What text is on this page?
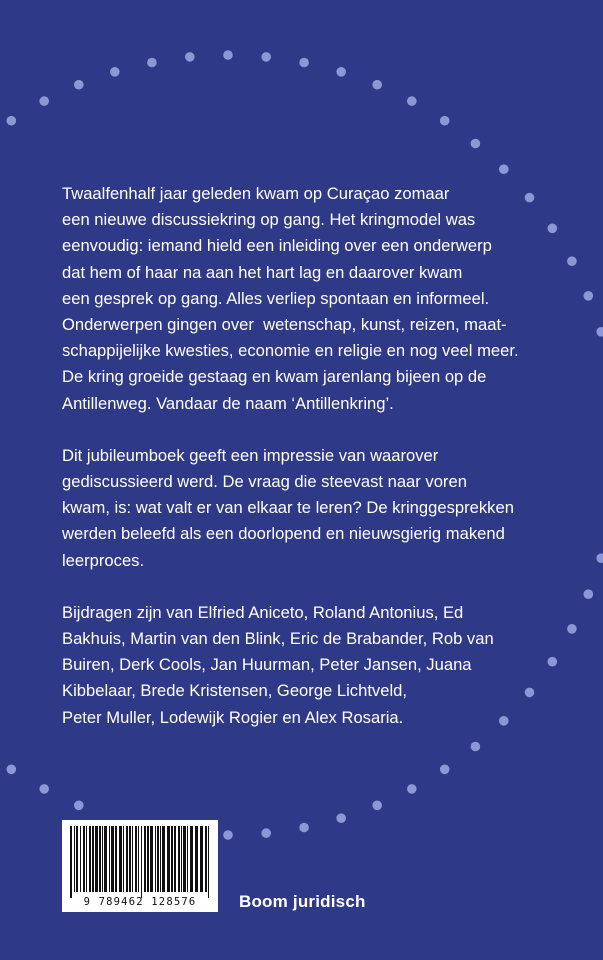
Twaalfenhalf jaar geleden kwam op Curaçao zomaar
een nieuwe discussiekring op gang. Het kringmodel was
eenvoudig: iemand hield een inleiding over een onderwerp
dat hem of haar na aan het hart lag en daarover kwam
een gesprek op gang. Alles verliep spontaan en informeel.
Onderwerpen gingen over  wetenschap, kunst, reizen, maat-
schappijelijke kwesties, economie en religie en nog veel meer.
De kring groeide gestaag en kwam jarenlang bijeen op de
Antillenweg. Vandaar de naam ‘Antillenkring’.
Dit jubileumboek geeft een impressie van waarover
gediscussieerd werd. De vraag die steevast naar voren
kwam, is: wat valt er van elkaar te leren? De kringgesprekken
werden beleefd als een doorlopend en nieuwsgierig makend
leerproces.
Bijdragen zijn van Elfried Aniceto, Roland Antonius, Ed
Bakhuis, Martin van den Blink, Eric de Brabander, Rob van
Buiren, Derk Cools, Jan Huurman, Peter Jansen, Juana
Kibbelaar, Brede Kristensen, George Lichtveld,
Peter Muller, Lodewijk Rogier en Alex Rosaria.
9 789462 128576	Boom juridisch
